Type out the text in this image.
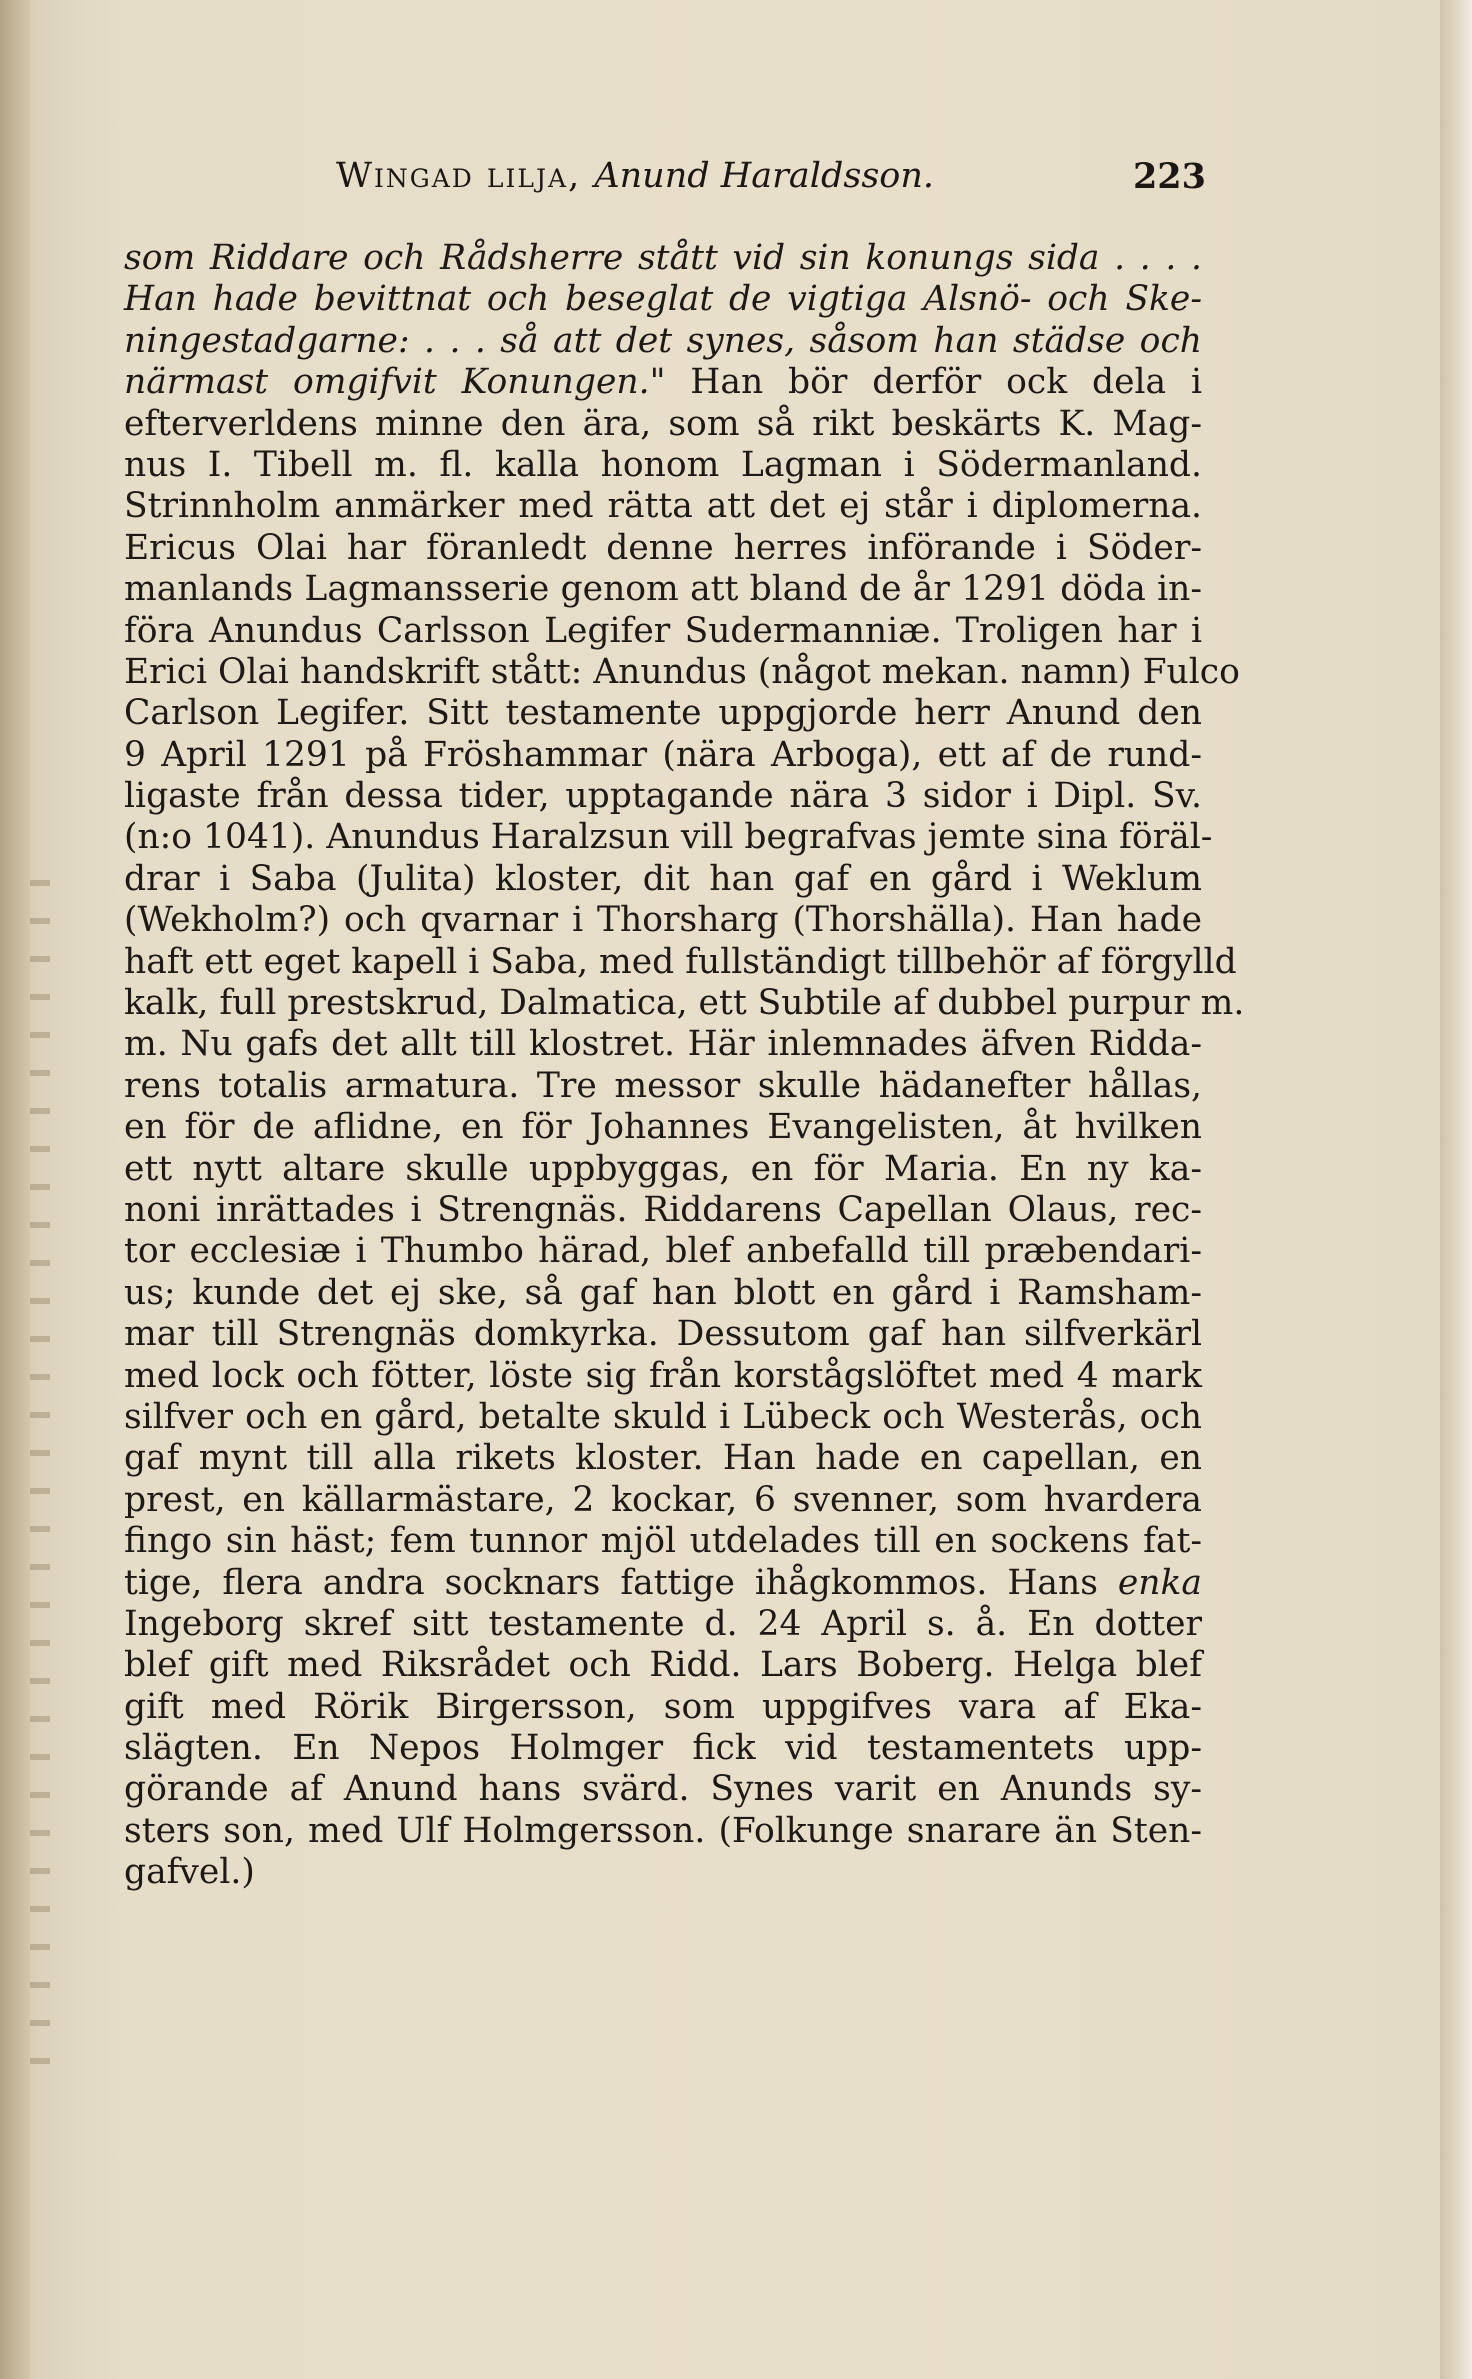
Wingad lilja, Anund Haraldsson.	223
som Riddare och Rådsherre stått vid sin konungs sida . . . .
Han hade bevittnat och beseglat de vigtiga Alsnö- och Ske-
ningestadgarne: . . . så att det synes, såsom han städse och
närmast omgifvit Konungen." Han bör derför ock dela i
efterverldens minne den ära, som så rikt beskärts K. Mag-
nus I. Tibell m. fl. kalla honom Lagman i Södermanland.
Strinnholm anmärker med rätta att det ej står i diplomerna.
Ericus Olai har föranledt denne herres införande i Söder-
manlands Lagmansserie genom att bland de år 1291 döda in-
föra Anundus Carlsson Legifer Sudermanniæ. Troligen har i
Erici Olai handskrift stått: Anundus (något mekan. namn) Fulco
Carlson Legifer. Sitt testamente uppgjorde herr Anund den
9 April 1291 på Fröshammar (nära Arboga), ett af de rund-
ligaste från dessa tider, upptagande nära 3 sidor i Dipl. Sv.
(n:o 1041). Anundus Haralzsun vill begrafvas jemte sina föräl-
drar i Saba (Julita) kloster, dit han gaf en gård i Weklum
(Wekholm?) och qvarnar i Thorsharg (Thorshälla). Han hade
haft ett eget kapell i Saba, med fullständigt tillbehör af förgylld
kalk, full prestskrud, Dalmatica, ett Subtile af dubbel purpur m.
m. Nu gafs det allt till klostret. Här inlemnades äfven Ridda-
rens totalis armatura. Tre messor skulle hädanefter hållas,
en för de aflidne, en för Johannes Evangelisten, åt hvilken
ett nytt altare skulle uppbyggas, en för Maria. En ny ka-
noni inrättades i Strengnäs. Riddarens Capellan Olaus, rec-
tor ecclesiæ i Thumbo härad, blef anbefalld till præbendari-
us; kunde det ej ske, så gaf han blott en gård i Ramsham-
mar till Strengnäs domkyrka. Dessutom gaf han silfverkärl
med lock och fötter, löste sig från korstågslöftet med 4 mark
silfver och en gård, betalte skuld i Lübeck och Westerås, och
gaf mynt till alla rikets kloster. Han hade en capellan, en
prest, en källarmästare, 2 kockar, 6 svenner, som hvardera
fingo sin häst; fem tunnor mjöl utdelades till en sockens fat-
tige, flera andra socknars fattige ihågkommos. Hans enka
Ingeborg skref sitt testamente d. 24 April s. å. En dotter
blef gift med Riksrådet och Ridd. Lars Boberg. Helga blef
gift med Rörik Birgersson, som uppgifves vara af Eka-
slägten. En Nepos Holmger fick vid testamentets upp-
görande af Anund hans svärd. Synes varit en Anunds sy-
sters son, med Ulf Holmgersson. (Folkunge snarare än Sten-
gafvel.)
